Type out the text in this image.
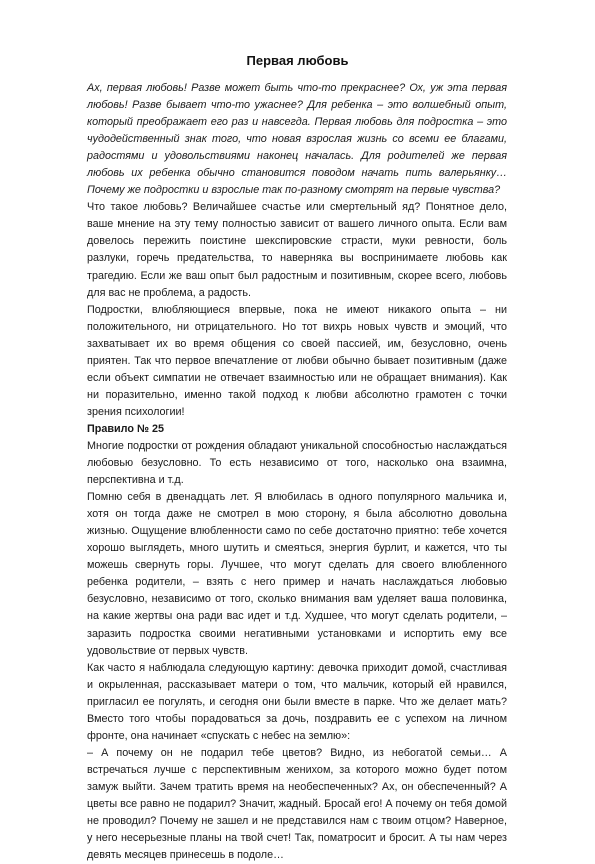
Первая любовь

Ах, первая любовь! Разве может быть что-то прекраснее? Ох, уж эта первая любовь! Разве бывает что-то ужаснее? Для ребенка – это волшебный опыт, который преображает его раз и навсегда. Первая любовь для подростка – это чудодейственный знак того, что новая взрослая жизнь со всеми ее благами, радостями и удовольствиями наконец началась. Для родителей же первая любовь их ребенка обычно становится поводом начать пить валерьянку… Почему же подростки и взрослые так по-разному смотрят на первые чувства?

Что такое любовь? Величайшее счастье или смертельный яд? Понятное дело, ваше мнение на эту тему полностью зависит от вашего личного опыта. Если вам довелось пережить поистине шекспировские страсти, муки ревности, боль разлуки, горечь предательства, то наверняка вы воспринимаете любовь как трагедию. Если же ваш опыт был радостным и позитивным, скорее всего, любовь для вас не проблема, а радость.

Подростки, влюбляющиеся впервые, пока не имеют никакого опыта – ни положительного, ни отрицательного. Но тот вихрь новых чувств и эмоций, что захватывает их во время общения со своей пассией, им, безусловно, очень приятен. Так что первое впечатление от любви обычно бывает позитивным (даже если объект симпатии не отвечает взаимностью или не обращает внимания). Как ни поразительно, именно такой подход к любви абсолютно грамотен с точки зрения психологии!

Правило № 25

Многие подростки от рождения обладают уникальной способностью наслаждаться любовью безусловно. То есть независимо от того, насколько она взаимна, перспективна и т.д.

Помню себя в двенадцать лет. Я влюбилась в одного популярного мальчика и, хотя он тогда даже не смотрел в мою сторону, я была абсолютно довольна жизнью. Ощущение влюбленности само по себе достаточно приятно: тебе хочется хорошо выглядеть, много шутить и смеяться, энергия бурлит, и кажется, что ты можешь свернуть горы. Лучшее, что могут сделать для своего влюбленного ребенка родители, – взять с него пример и начать наслаждаться любовью безусловно, независимо от того, сколько внимания вам уделяет ваша половинка, на какие жертвы она ради вас идет и т.д. Худшее, что могут сделать родители, – заразить подростка своими негативными установками и испортить ему все удовольствие от первых чувств.

Как часто я наблюдала следующую картину: девочка приходит домой, счастливая и окрыленная, рассказывает матери о том, что мальчик, который ей нравился, пригласил ее погулять, и сегодня они были вместе в парке. Что же делает мать? Вместо того чтобы порадоваться за дочь, поздравить ее с успехом на личном фронте, она начинает «спускать с небес на землю»:

– А почему он не подарил тебе цветов? Видно, из небогатой семьи… А встречаться лучше с перспективным женихом, за которого можно будет потом замуж выйти. Зачем тратить время на необеспеченных? Ах, он обеспеченный? А цветы все равно не подарил? Значит, жадный. Бросай его! А почему он тебя домой не проводил? Почему не зашел и не представился нам с твоим отцом? Наверное, у него несерьезные планы на твой счет! Так, поматросит и бросит. А ты нам через девять месяцев принесешь в подоле…
